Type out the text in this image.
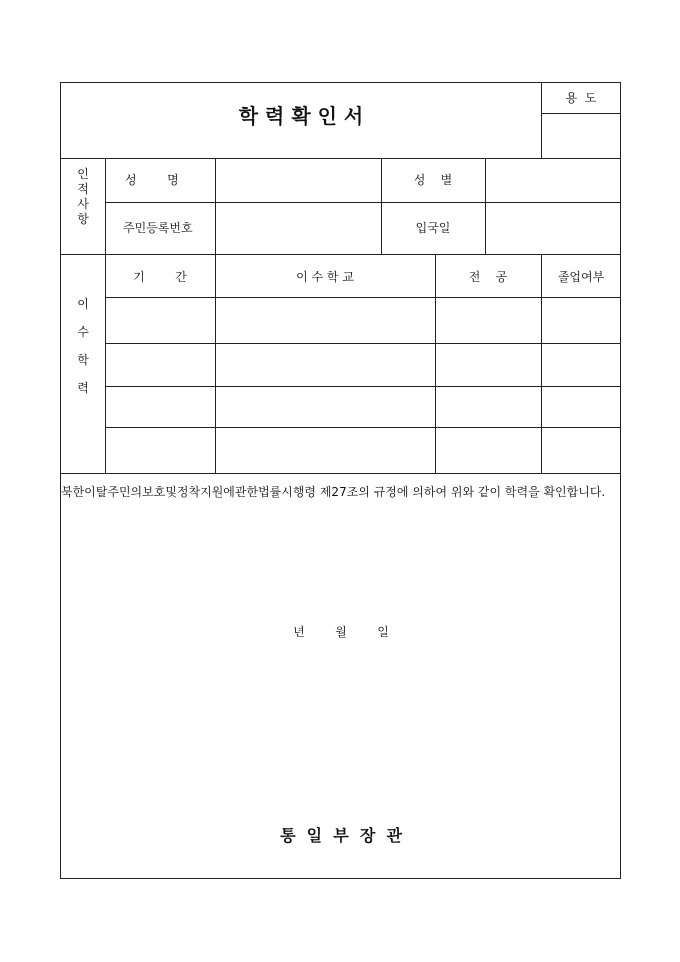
학 력 확 인 서
용  도
인
적
사
항
성        명	성    별
주민등록번호	입국일
이

수

학

력
기        간	이 수 학 교	전    공	졸업여부
북한이탈주민의보호및정착지원에관한법률시행령 제27조의 규정에 의하여 위와 같이 학력을 확인합니다.
년        월        일
통  일  부  장  관
